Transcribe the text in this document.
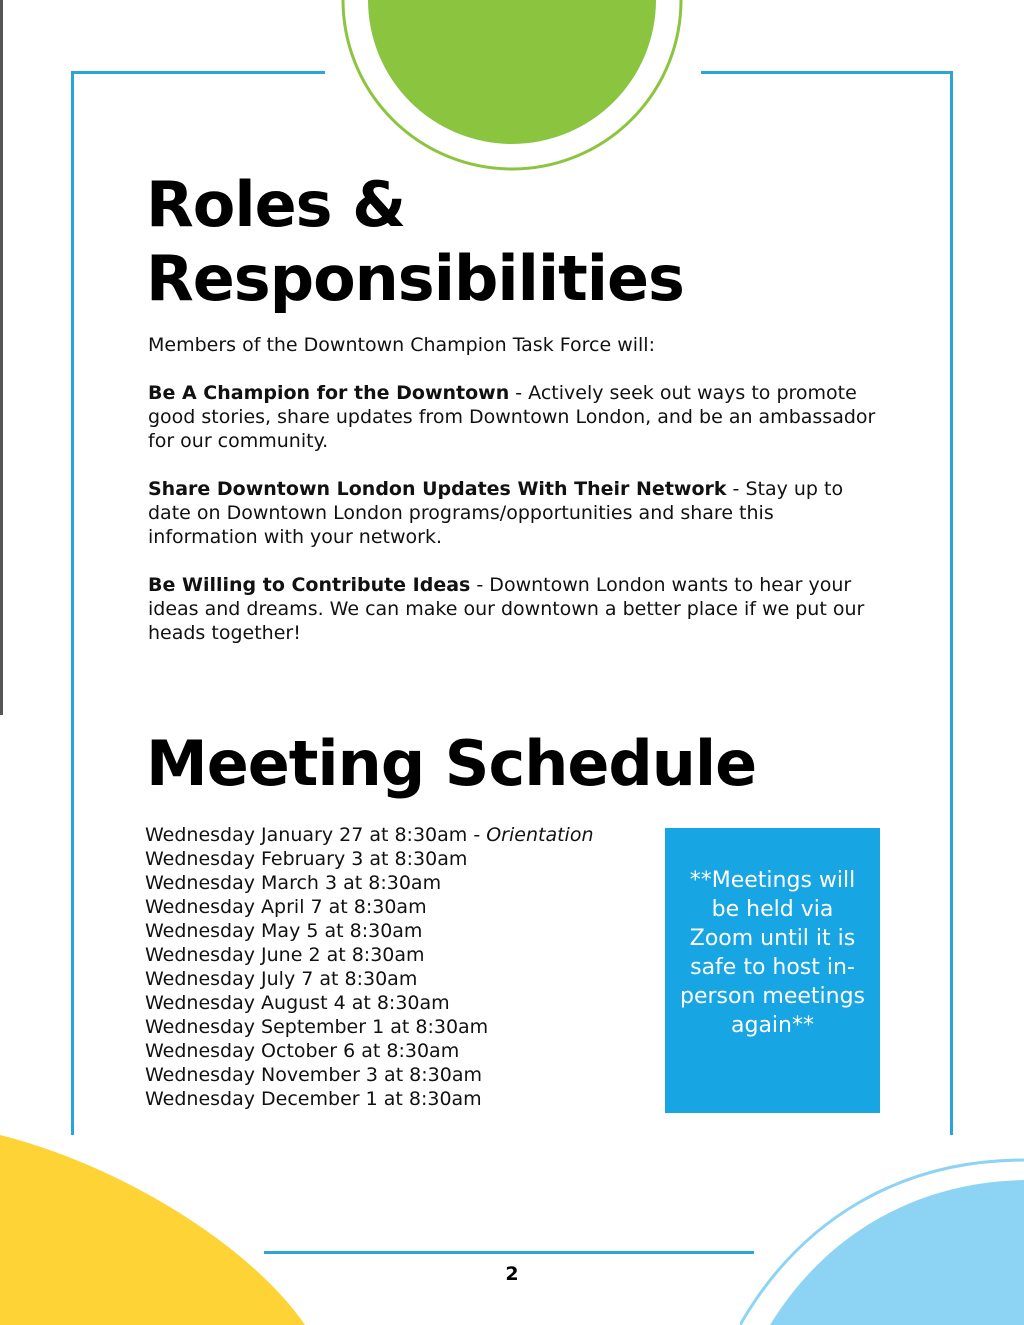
Roles &
Responsibilities
Members of the Downtown Champion Task Force will:
Be A Champion for the Downtown - Actively seek out ways to promote good stories, share updates from Downtown London, and be an ambassador for our community.
Share Downtown London Updates With Their Network - Stay up to date on Downtown London programs/opportunities and share this information with your network.
Be Willing to Contribute Ideas - Downtown London wants to hear your ideas and dreams. We can make our downtown a better place if we put our heads together!
Meeting Schedule
Wednesday January 27 at 8:30am - Orientation
Wednesday February 3 at 8:30am
Wednesday March 3 at 8:30am
Wednesday April 7 at 8:30am
Wednesday May 5 at 8:30am
Wednesday June 2 at 8:30am
Wednesday July 7 at 8:30am
Wednesday August 4 at 8:30am
Wednesday September 1 at 8:30am
Wednesday October 6 at 8:30am
Wednesday November 3 at 8:30am
Wednesday December 1 at 8:30am
**Meetings will be held via Zoom until it is safe to host in-person meetings again**
2
